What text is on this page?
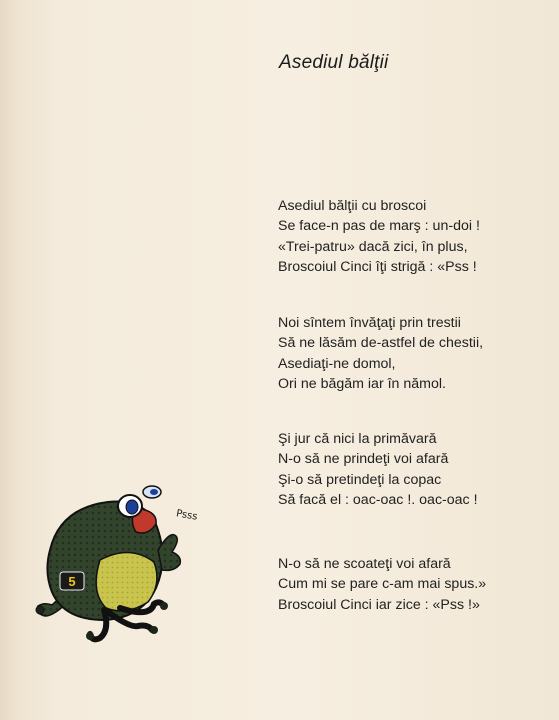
Asediul bălţii
Asediul bălţii cu broscoi
Se face-n pas de marş : un-doi !
«Trei-patru» dacă zici, în plus,
Broscoiul Cinci îţi strigă : «Pss !
Noi sîntem învăţaţi prin trestii
Să ne lăsăm de-astfel de chestii,
Asediaţi-ne domol,
Ori ne băgăm iar în nămol.
Şi jur că nici la primăvară
N-o să ne prindeţi voi afară
Şi-o să pretindeţi la copac
Să facă el : oac-oac !. oac-oac !
N-o să ne scoateţi voi afară
Cum mi se pare c-am mai spus.»
Broscoiul Cinci iar zice : «Pss !»
Psss
5
